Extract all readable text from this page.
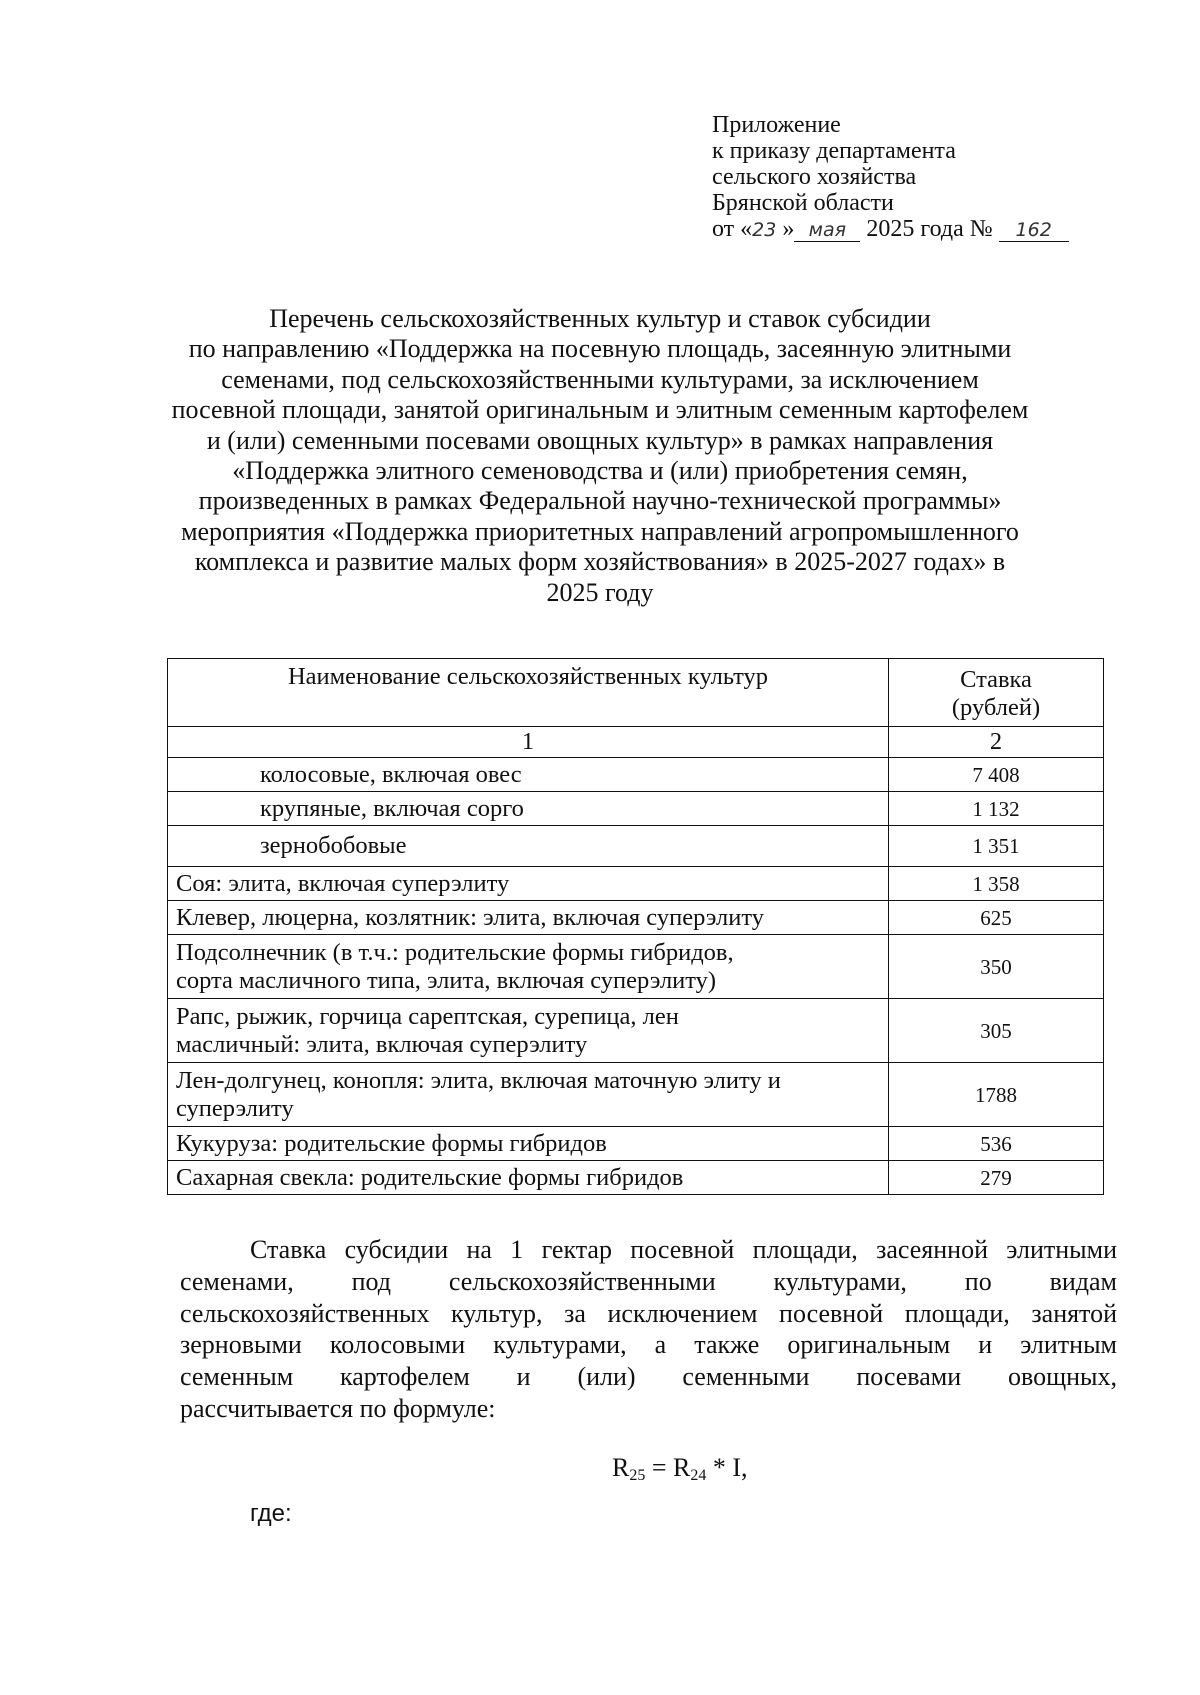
Приложение
к приказу департамента
сельского хозяйства
Брянской области
от «23 » мая 2025 года № 162
Перечень сельскохозяйственных культур и ставок субсидии
по направлению «Поддержка на посевную площадь, засеянную элитными
семенами, под сельскохозяйственными культурами, за исключением
посевной площади, занятой оригинальным и элитным семенным картофелем
и (или) семенными посевами овощных культур» в рамках направления
«Поддержка элитного семеноводства и (или) приобретения семян,
произведенных в рамках Федеральной научно-технической программы»
мероприятия «Поддержка приоритетных направлений агропромышленного
комплекса и развитие малых форм хозяйствования» в 2025-2027 годах» в
2025 году
Наименование сельскохозяйственных культур	Ставка
(рублей)
1	2
колосовые, включая овес	7 408
крупяные, включая сорго	1 132
зернобобовые	1 351
Соя: элита, включая суперэлиту	1 358
Клевер, люцерна, козлятник: элита, включая суперэлиту	625
Подсолнечник (в т.ч.: родительские формы гибридов,
сорта масличного типа, элита, включая суперэлиту)	350
Рапс, рыжик, горчица сарептская, сурепица, лен
масличный: элита, включая суперэлиту	305
Лен-долгунец, конопля: элита, включая маточную элиту и
суперэлиту	1788
Кукуруза: родительские формы гибридов	536
Сахарная свекла: родительские формы гибридов	279
Ставка субсидии на 1 гектар посевной площади, засеянной элитными
семенами, под сельскохозяйственными культурами, по видам
сельскохозяйственных культур, за исключением посевной площади, занятой
зерновыми колосовыми культурами, а также оригинальным и элитным
семенным картофелем и (или) семенными посевами овощных,
рассчитывается по формуле:
$R_{25} = R_{24} * I$,
где:
